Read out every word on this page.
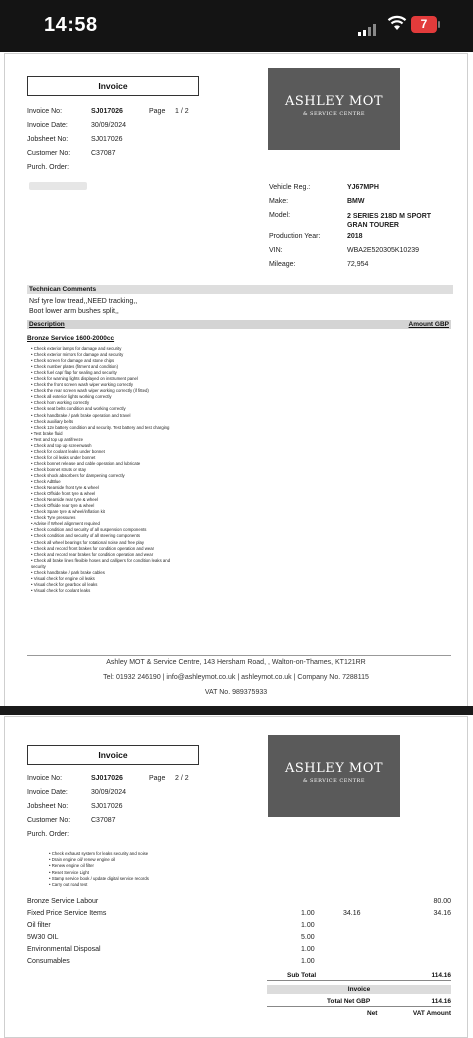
14:58	7
Invoice
Invoice No:	SJ017026	Page 1 / 2
Invoice Date:	30/09/2024
Jobsheet No:	SJ017026
Customer No:	C37087
Purch. Order:
ASHLEY MOT
& SERVICE CENTRE
Vehicle Reg.:	YJ67MPH
Make:	BMW
Model:	2 SERIES 218D M SPORT GRAN TOURER
Production Year:	2018
VIN:	WBA2E520305K10239
Mileage:	72,954
Technican Comments
Nsf tyre low tread,,NEED tracking,,
Boot lower arm bushes split,,
Description	Amount GBP
Bronze Service 1600-2000cc
• Check exterior lamps for damage and security
• Check exterior mirrors for damage and security
• Check screen for damage and stone chips
• Check number plates (fitment and condition)
• Check fuel cap/ flap for sealing and security
• Check for warning lights displayed on instrument panel
• Check the front screen wash wiper working correctly
• Check the rear screen wash wiper working correctly (if fitted)
• Check all exterior lights working correctly
• Check horn working correctly
• Check seat belts condition and working correctly
• Check handbrake / park brake operation and travel
• Check auxiliary belts
• Check 12v battery condition and security. Test battery and test charging
• Test brake fluid
• Test and top up antifreeze
• Check and top up screenwash
• Check for coolant leaks under bonnet
• Check for oil leaks under bonnet
• Check bonnet release and cable operation and lubricate
• Check bonnet struts or stay
• Check shock absorbers for dampening correctly
• Check AdBlue
• Check Nearside front tyre & wheel
• Check Offside front tyre & wheel
• Check Nearside rear tyre & wheel
• Check Offside rear tyre & wheel
• Check Spare tyre & wheel/inflation kit
• Check Tyre pressures
• Advise if Wheel alignment required
• Check condition and security of all suspension components
• Check condition and security of all steering components
• Check all wheel bearings for rotational noise and free play
• Check and record front brakes for condition operation and wear
• Check and record rear brakes for condition operation and wear
• Check all brake lines flexible hoses and callipers for condition leaks and
security
• Check handbrake / park brake cables
• Visual check for engine oil leaks
• Visual check for gearbox oil leaks
• Visual check for coolant leaks
Ashley MOT & Service Centre, 143 Hersham Road, , Walton-on-Thames, KT121RR
Tel: 01932 246190 | info@ashleymot.co.uk | ashleymot.co.uk | Company No. 7288115
VAT No. 989375933
Invoice
Invoice No:	SJ017026	Page 2 / 2
Invoice Date:	30/09/2024
Jobsheet No:	SJ017026
Customer No:	C37087
Purch. Order:
ASHLEY MOT
& SERVICE CENTRE
• Check exhaust system for leaks security and noise
• Drain engine oil/ renew engine oil
• Renew engine oil filter
• Reset Service Light
• Stamp service book / update digital service records
• Carry out road test
Bronze Service Labour	80.00
Fixed Price Service Items	1.00	34.16	34.16
Oil filter	1.00
5W30 OIL	5.00
Environmental Disposal	1.00
Consumables	1.00
Sub Total	114.16
Invoice
Total Net GBP	114.16
Net	VAT Amount
